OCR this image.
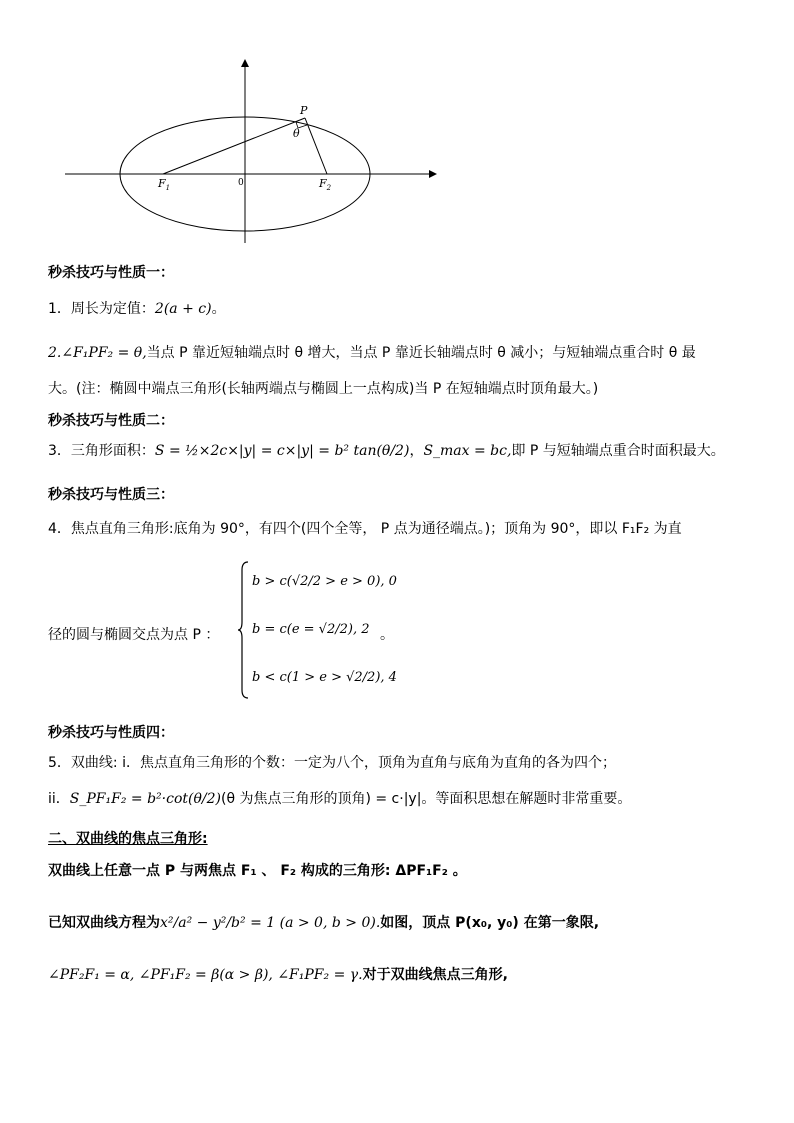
P
θ
$F_1$	0	$F_2$
秒杀技巧与性质一：
1．周长为定值：2(a + c)。
2.∠F₁PF₂ = θ,当点 P 靠近短轴端点时 θ 增大，当点 P 靠近长轴端点时 θ 减小；与短轴端点重合时 θ 最
大。(注：椭圆中端点三角形(长轴两端点与椭圆上一点构成)当 P 在短轴端点时顶角最大。)
秒杀技巧与性质二：
3．三角形面积：S = ½×2c×|y| = c×|y| = b² tan(θ/2)，S_max = bc,即 P 与短轴端点重合时面积最大。
秒杀技巧与性质三：
4．焦点直角三角形:底角为 90°，有四个(四个全等， P 点为通径端点。)；顶角为 90°，即以 F₁F₂ 为直
径的圆与椭圆交点为点 P ：
b > c(√2/2 > e > 0), 0
b = c(e = √2/2), 2
b < c(1 > e > √2/2), 4
。
秒杀技巧与性质四：
5．双曲线: i．焦点直角三角形的个数：一定为八个，顶角为直角与底角为直角的各为四个；
ii．S_PF₁F₂ = b²·cot(θ/2)(θ 为焦点三角形的顶角) = c·|y|。等面积思想在解题时非常重要。
二、双曲线的焦点三角形:
双曲线上任意一点 P 与两焦点 F₁ 、 F₂ 构成的三角形: ΔPF₁F₂ 。
已知双曲线方程为x²/a² − y²/b² = 1 (a > 0, b > 0).如图，顶点 P(x₀, y₀) 在第一象限,
∠PF₂F₁ = α, ∠PF₁F₂ = β(α > β), ∠F₁PF₂ = γ.对于双曲线焦点三角形,
